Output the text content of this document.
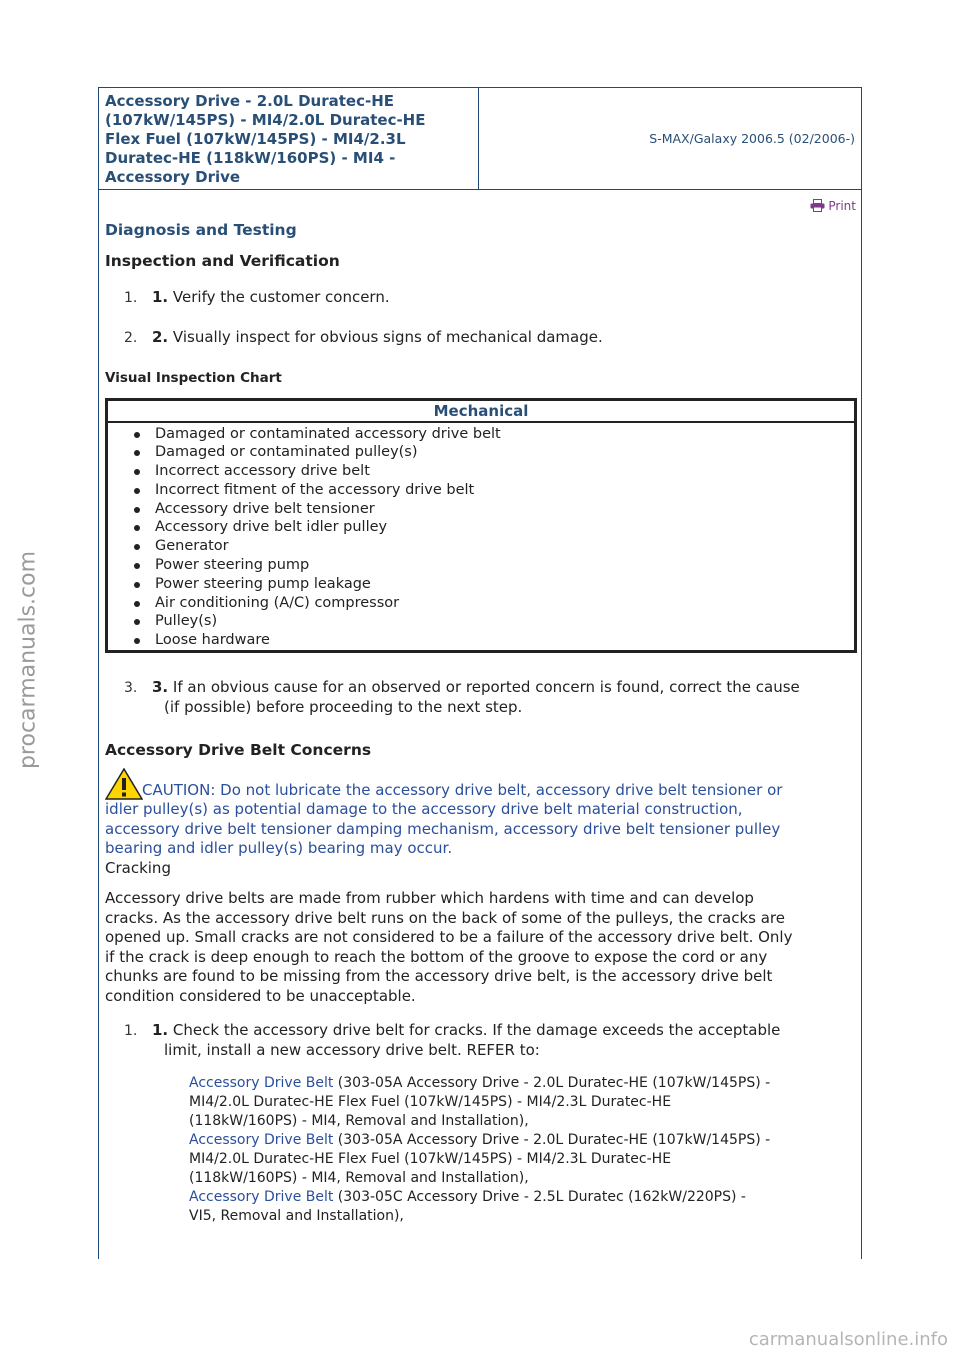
procarmanuals.com
Accessory Drive - 2.0L Duratec-HE
(107kW/145PS) - MI4/2.0L Duratec-HE
Flex Fuel (107kW/145PS) - MI4/2.3L
Duratec-HE (118kW/160PS) - MI4 -
Accessory Drive
S-MAX/Galaxy 2006.5 (02/2006-)
Print
Diagnosis and Testing
Inspection and Verification
1. 1. Verify the customer concern.
2. 2. Visually inspect for obvious signs of mechanical damage.
Visual Inspection Chart
Mechanical
Damaged or contaminated accessory drive belt
Damaged or contaminated pulley(s)
Incorrect accessory drive belt
Incorrect fitment of the accessory drive belt
Accessory drive belt tensioner
Accessory drive belt idler pulley
Generator
Power steering pump
Power steering pump leakage
Air conditioning (A/C) compressor
Pulley(s)
Loose hardware
3. 3. If an obvious cause for an observed or reported concern is found, correct the cause
(if possible) before proceeding to the next step.
Accessory Drive Belt Concerns
CAUTION: Do not lubricate the accessory drive belt, accessory drive belt tensioner or
idler pulley(s) as potential damage to the accessory drive belt material construction,
accessory drive belt tensioner damping mechanism, accessory drive belt tensioner pulley
bearing and idler pulley(s) bearing may occur.
Cracking
Accessory drive belts are made from rubber which hardens with time and can develop
cracks. As the accessory drive belt runs on the back of some of the pulleys, the cracks are
opened up. Small cracks are not considered to be a failure of the accessory drive belt. Only
if the crack is deep enough to reach the bottom of the groove to expose the cord or any
chunks are found to be missing from the accessory drive belt, is the accessory drive belt
condition considered to be unacceptable.
1. 1. Check the accessory drive belt for cracks. If the damage exceeds the acceptable
limit, install a new accessory drive belt. REFER to:
Accessory Drive Belt (303-05A Accessory Drive - 2.0L Duratec-HE (107kW/145PS) -
MI4/2.0L Duratec-HE Flex Fuel (107kW/145PS) - MI4/2.3L Duratec-HE
(118kW/160PS) - MI4, Removal and Installation),
Accessory Drive Belt (303-05A Accessory Drive - 2.0L Duratec-HE (107kW/145PS) -
MI4/2.0L Duratec-HE Flex Fuel (107kW/145PS) - MI4/2.3L Duratec-HE
(118kW/160PS) - MI4, Removal and Installation),
Accessory Drive Belt (303-05C Accessory Drive - 2.5L Duratec (162kW/220PS) -
VI5, Removal and Installation),
carmanualsonline.info
